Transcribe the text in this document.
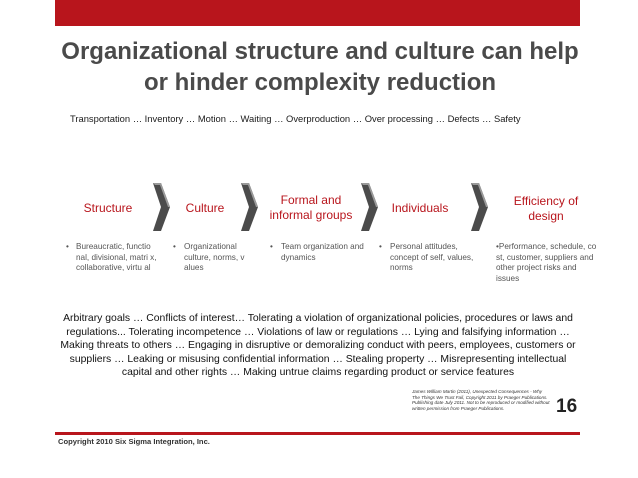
Organizational structure and culture can help or hinder complexity reduction
Transportation … Inventory … Motion … Waiting … Overproduction … Over processing … Defects … Safety
Structure	Culture
Formal and informal groups	Individuals	Efficiency of design
• Bureaucratic, functio nal, divisional, matri x, collaborative, virtu al
• Organizational culture, norms, v alues
• Team organization and dynamics
• Personal attitudes, concept of self, values, norms
•Performance, schedule, co st, customer, suppliers and other project risks and issues
Arbitrary goals … Conflicts of interest… Tolerating a violation of organizational policies, procedures or laws and regulations... Tolerating incompetence … Violations of law or regulations … Lying and falsifying information … Making threats to others … Engaging in disruptive or demoralizing conduct with peers, employees, customers or suppliers … Leaking or misusing confidential information … Stealing property … Misrepresenting intellectual capital and other rights … Making untrue claims regarding product or service features
James William Martin (2011), Unexpected Consequences - Why The Things We Trust Fail, Copyright 2011 by Praeger Publications. Publishing date July 2011. Not to be reproduced or modified without written permission from Praeger Publications.	16
Copyright 2010 Six Sigma Integration, Inc.
